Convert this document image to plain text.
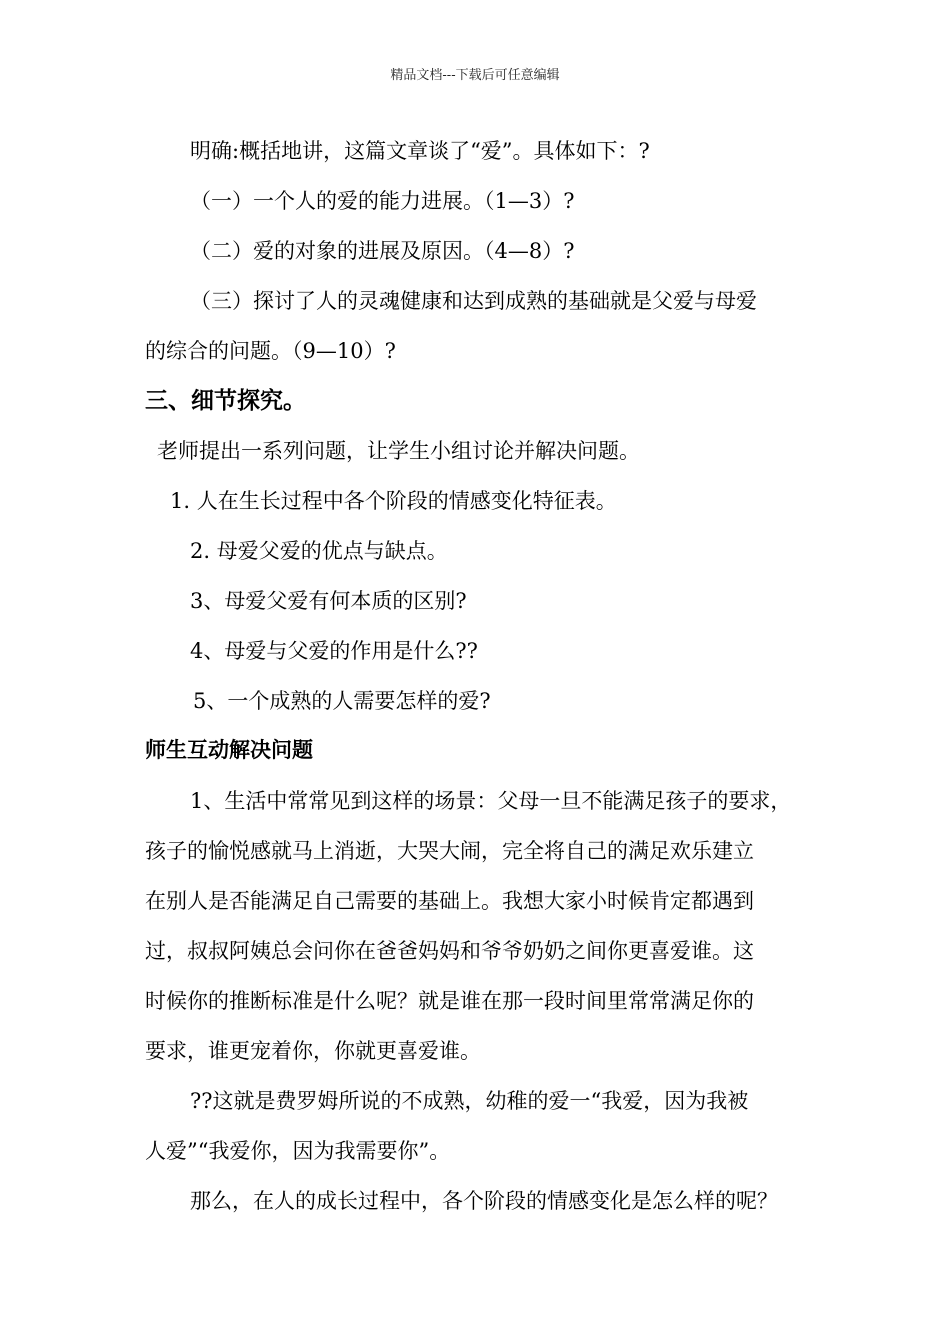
精品文档---下载后可任意编辑
明确:概括地讲，这篇文章谈了“爱”。具体如下：?
（一）一个人的爱的能力进展。（1—3）?
（二）爱的对象的进展及原因。（4—8）?
（三）探讨了人的灵魂健康和达到成熟的基础就是父爱与母爱
的综合的问题。（9—10）?
三、细节探究。
老师提出一系列问题，让学生小组讨论并解决问题。
1. 人在生长过程中各个阶段的情感变化特征表。
2. 母爱父爱的优点与缺点。
3、母爱父爱有何本质的区别?
4、母爱与父爱的作用是什么??
5、一个成熟的人需要怎样的爱?
师生互动解决问题
1、生活中常常见到这样的场景：父母一旦不能满足孩子的要求，
孩子的愉悦感就马上消逝，大哭大闹，完全将自己的满足欢乐建立
在别人是否能满足自己需要的基础上。我想大家小时候肯定都遇到
过，叔叔阿姨总会问你在爸爸妈妈和爷爷奶奶之间你更喜爱谁。这
时候你的推断标准是什么呢？就是谁在那一段时间里常常满足你的
要求，谁更宠着你，你就更喜爱谁。
??这就是费罗姆所说的不成熟，幼稚的爱一“我爱，因为我被
人爱”“我爱你，因为我需要你”。
那么，在人的成长过程中，各个阶段的情感变化是怎么样的呢？
